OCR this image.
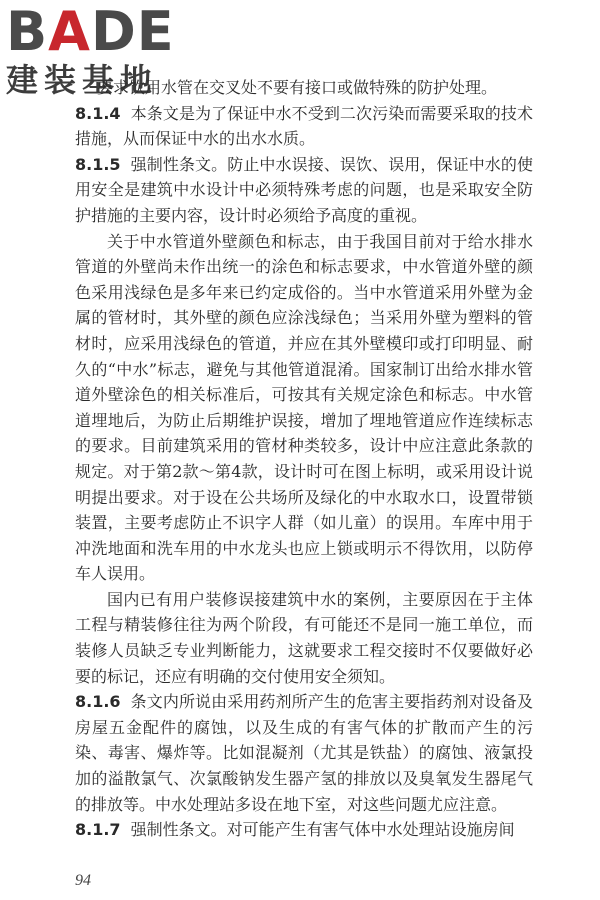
B A DE
建装基地

要求饮用水管在交叉处不要有接口或做特殊的防护处理。

8.1.4 本条文是为了保证中水不受到二次污染而需要采取的技术措施，从而保证中水的出水水质。

8.1.5 强制性条文。防止中水误接、误饮、误用，保证中水的使用安全是建筑中水设计中必须特殊考虑的问题，也是采取安全防护措施的主要内容，设计时必须给予高度的重视。

关于中水管道外壁颜色和标志，由于我国目前对于给水排水管道的外壁尚未作出统一的涂色和标志要求，中水管道外壁的颜色采用浅绿色是多年来已约定成俗的。当中水管道采用外壁为金属的管材时，其外壁的颜色应涂浅绿色；当采用外壁为塑料的管材时，应采用浅绿色的管道，并应在其外壁模印或打印明显、耐久的“中水”标志，避免与其他管道混淆。国家制订出给水排水管道外壁涂色的相关标准后，可按其有关规定涂色和标志。中水管道埋地后，为防止后期维护误接，增加了埋地管道应作连续标志的要求。目前建筑采用的管材种类较多，设计中应注意此条款的规定。对于第2款～第4款，设计时可在图上标明，或采用设计说明提出要求。对于设在公共场所及绿化的中水取水口，设置带锁装置，主要考虑防止不识字人群（如儿童）的误用。车库中用于冲洗地面和洗车用的中水龙头也应上锁或明示不得饮用，以防停车人误用。

国内已有用户装修误接建筑中水的案例，主要原因在于主体工程与精装修往往为两个阶段，有可能还不是同一施工单位，而装修人员缺乏专业判断能力，这就要求工程交接时不仅要做好必要的标记，还应有明确的交付使用安全须知。

8.1.6 条文内所说由采用药剂所产生的危害主要指药剂对设备及房屋五金配件的腐蚀，以及生成的有害气体的扩散而产生的污染、毒害、爆炸等。比如混凝剂（尤其是铁盐）的腐蚀、液氯投加的溢散氯气、次氯酸钠发生器产氢的排放以及臭氧发生器尾气的排放等。中水处理站多设在地下室，对这些问题尤应注意。

8.1.7 强制性条文。对可能产生有害气体中水处理站设施房间

94
